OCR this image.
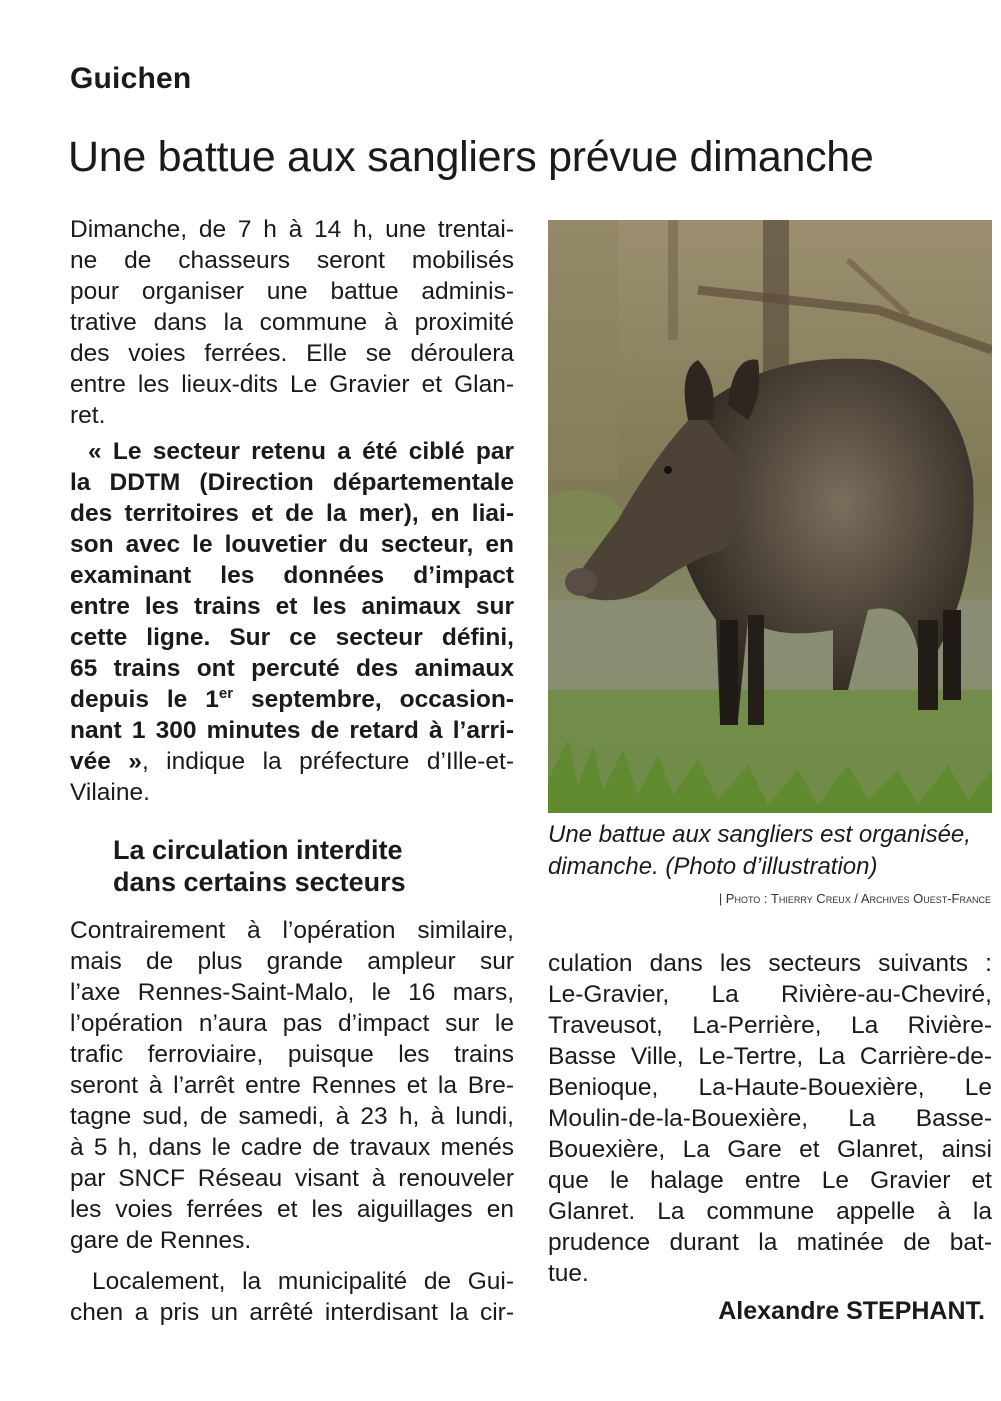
Guichen
Une battue aux sangliers prévue dimanche
Dimanche, de 7 h à 14 h, une trentai-
ne de chasseurs seront mobilisés
pour organiser une battue adminis-
trative dans la commune à proximité
des voies ferrées. Elle se déroulera
entre les lieux-dits Le Gravier et Glan-
ret.
« Le secteur retenu a été ciblé par
la DDTM (Direction départementale
des territoires et de la mer), en liai-
son avec le louvetier du secteur, en
examinant les données d’impact
entre les trains et les animaux sur
cette ligne. Sur ce secteur défini,
65 trains ont percuté des animaux
depuis le 1er septembre, occasion-
nant 1 300 minutes de retard à l’arri-
vée », indique la préfecture d’Ille-et-
Vilaine.
La circulation interdite
dans certains secteurs
Contrairement à l’opération similaire,
mais de plus grande ampleur sur
l’axe Rennes-Saint-Malo, le 16 mars,
l’opération n’aura pas d’impact sur le
trafic ferroviaire, puisque les trains
seront à l’arrêt entre Rennes et la Bre-
tagne sud, de samedi, à 23 h, à lundi,
à 5 h, dans le cadre de travaux menés
par SNCF Réseau visant à renouveler
les voies ferrées et les aiguillages en
gare de Rennes.
Localement, la municipalité de Gui-
chen a pris un arrêté interdisant la cir-
Une battue aux sangliers est organisée,
dimanche. (Photo d’illustration)
| Photo : Thierry Creux / Archives Ouest-France
culation dans les secteurs suivants :
Le-Gravier, La Rivière-au-Cheviré,
Traveusot, La-Perrière, La Rivière-
Basse Ville, Le-Tertre, La Carrière-de-
Benioque, La-Haute-Bouexière, Le
Moulin-de-la-Bouexière, La Basse-
Bouexière, La Gare et Glanret, ainsi
que le halage entre Le Gravier et
Glanret. La commune appelle à la
prudence durant la matinée de bat-
tue.
Alexandre STEPHANT.
